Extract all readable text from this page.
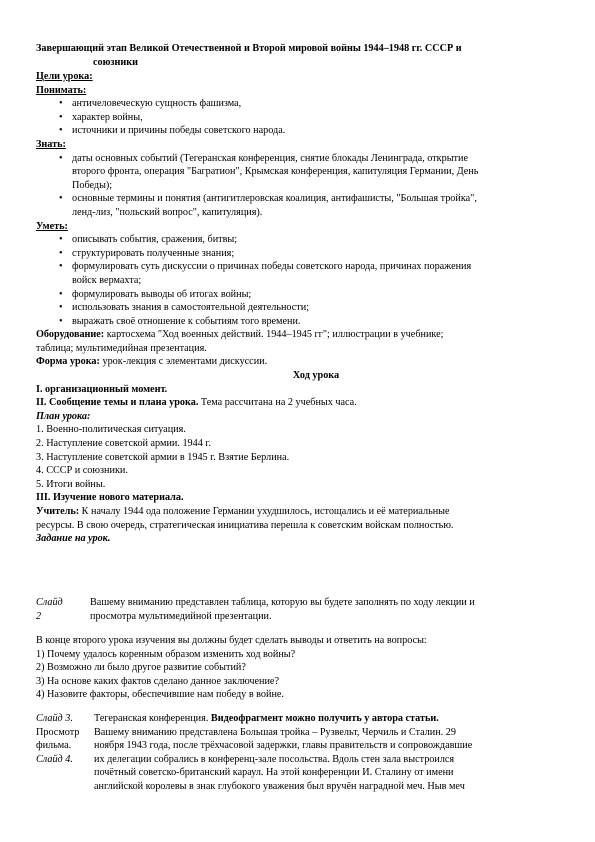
Завершающий этап Великой Отечественной и Второй мировой войны 1944–1948 гг. СССР и
союзники
Цели урока:
Понимать:
• античеловеческую сущность фашизма,
• характер войны,
• источники и причины победы советского народа.
Знать:
• даты основных событий (Тегеранская конференция, снятие блокады Ленинграда, открытие
второго фронта, операция "Багратион", Крымская конференция, капитуляция Германии, День
Победы);
• основные термины и понятия (антигитлеровская коалиция, антифашисты, "Большая тройка",
ленд-лиз, "польский вопрос", капитуляция).
Уметь:
• описывать события, сражения, битвы;
• структурировать полученные знания;
• формулировать суть дискуссии о причинах победы советского народа, причинах поражения
войск вермахта;
• формулировать выводы об итогах войны;
• использовать знания в самостоятельной деятельности;
• выражать своё отношение к событиям того времени.
Оборудование: картосхема "Ход военных действий. 1944–1945 гг"; иллюстрации в учебнике;
таблица; мультимедийная презентация.
Форма урока: урок-лекция с элементами дискуссии.
Ход урока
I. организационный момент.
II. Сообщение темы и плана урока. Тема рассчитана на 2 учебных часа.
План урока:
1. Военно-политическая ситуация.
2. Наступление советской армии. 1944 г.
3. Наступление советской армии в 1945 г. Взятие Берлина.
4. СССР и союзники.
5. Итоги войны.
III. Изучение нового материала.
Учитель: К началу 1944 ода положение Германии ухудшилось, истощались и её материальные
ресурсы. В свою очередь, стратегическая инициатива перешла к советским войскам полностью.
Задание на урок.
Слайд
2
Вашему вниманию представлен таблица, которую вы будете заполнять по ходу лекции и
просмотра мультимедийной презентации.
В конце второго урока изучения вы должны будет сделать выводы и ответить на вопросы:
1) Почему удалось коренным образом изменить ход войны?
2) Возможно ли было другое развитие событий?
3) На основе каких фактов сделано данное заключение?
4) Назовите факторы, обеспечившие нам победу в войне.
Слайд 3.
Просмотр
фильма.
Слайд 4.
Тегеранская конференция. Видеофрагмент можно получить у автора статьи.
Вашему вниманию представлена Большая тройка – Рузвельт, Черчиль и Сталин. 29
ноября 1943 года, после трёхчасовой задержки, главы правительств и сопровождавшие
их делегации собрались в конференц-зале посольства. Вдоль стен зала выстроился
почётный советско-британский караул. На этой конференции И. Сталину от имени
английской королевы в знак глубокого уважения был вручён наградной меч. Ныв меч
